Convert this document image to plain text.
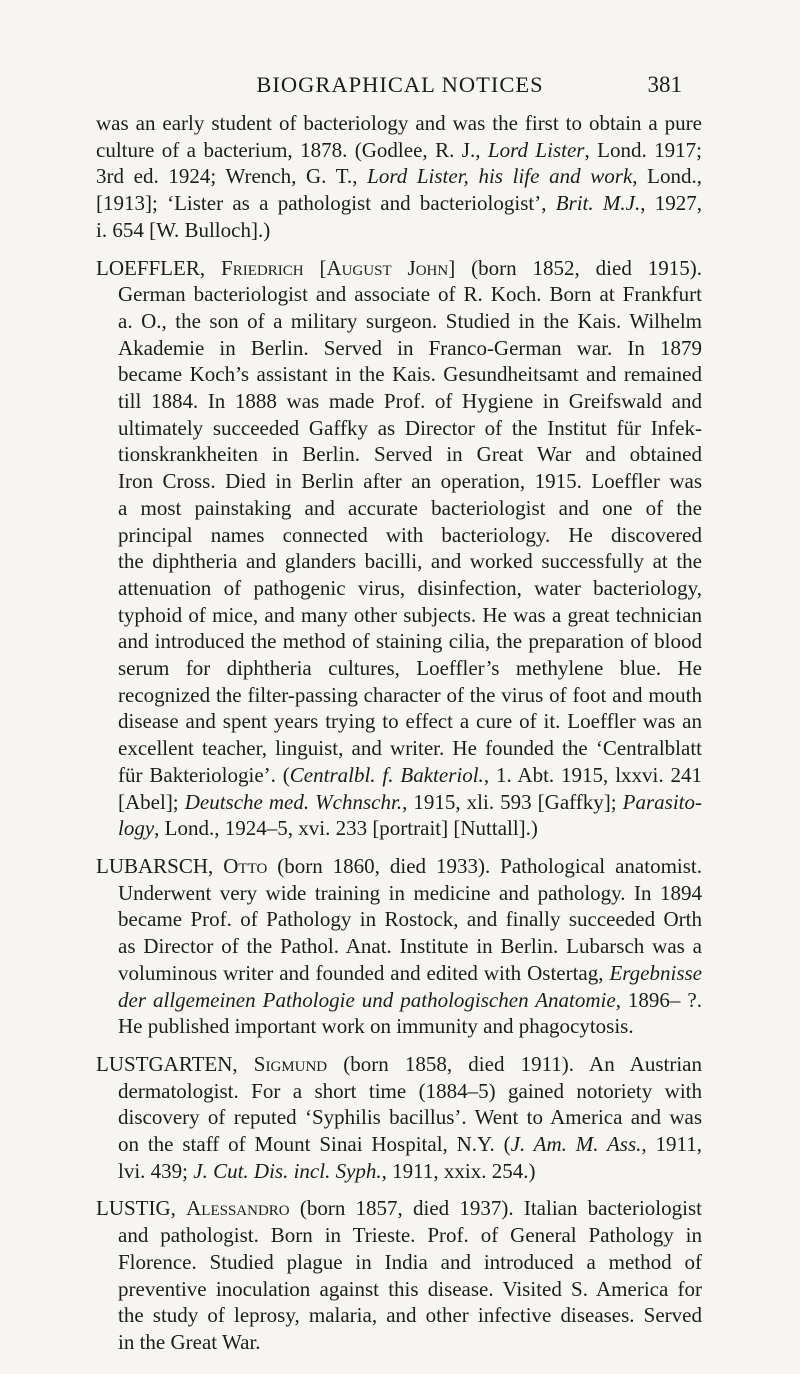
BIOGRAPHICAL NOTICES	381

was an early student of bacteriology and was the first to obtain a pure
culture of a bacterium, 1878. (Godlee, R. J., Lord Lister, Lond. 1917;
3rd ed. 1924; Wrench, G. T., Lord Lister, his life and work, Lond.,
[1913]; ‘Lister as a pathologist and bacteriologist’, Brit. M.J., 1927,
i. 654 [W. Bulloch].)

LOEFFLER, Friedrich [August John] (born 1852, died 1915).
German bacteriologist and associate of R. Koch. Born at Frankfurt
a. O., the son of a military surgeon. Studied in the Kais. Wilhelm
Akademie in Berlin. Served in Franco-German war. In 1879
became Koch’s assistant in the Kais. Gesundheitsamt and remained
till 1884. In 1888 was made Prof. of Hygiene in Greifswald and
ultimately succeeded Gaffky as Director of the Institut für Infek-
tionskrankheiten in Berlin. Served in Great War and obtained
Iron Cross. Died in Berlin after an operation, 1915. Loeffler was
a most painstaking and accurate bacteriologist and one of the
principal names connected with bacteriology. He discovered
the diphtheria and glanders bacilli, and worked successfully at the
attenuation of pathogenic virus, disinfection, water bacteriology,
typhoid of mice, and many other subjects. He was a great technician
and introduced the method of staining cilia, the preparation of blood
serum for diphtheria cultures, Loeffler’s methylene blue. He
recognized the filter-passing character of the virus of foot and mouth
disease and spent years trying to effect a cure of it. Loeffler was an
excellent teacher, linguist, and writer. He founded the ‘Centralblatt
für Bakteriologie’. (Centralbl. f. Bakteriol., 1. Abt. 1915, lxxvi. 241
[Abel]; Deutsche med. Wchnschr., 1915, xli. 593 [Gaffky]; Parasito-
logy, Lond., 1924–5, xvi. 233 [portrait] [Nuttall].)

LUBARSCH, Otto (born 1860, died 1933). Pathological anatomist.
Underwent very wide training in medicine and pathology. In 1894
became Prof. of Pathology in Rostock, and finally succeeded Orth
as Director of the Pathol. Anat. Institute in Berlin. Lubarsch was a
voluminous writer and founded and edited with Ostertag, Ergebnisse
der allgemeinen Pathologie und pathologischen Anatomie, 1896– ?.
He published important work on immunity and phagocytosis.

LUSTGARTEN, Sigmund (born 1858, died 1911). An Austrian
dermatologist. For a short time (1884–5) gained notoriety with
discovery of reputed ‘Syphilis bacillus’. Went to America and was
on the staff of Mount Sinai Hospital, N.Y. (J. Am. M. Ass., 1911,
lvi. 439; J. Cut. Dis. incl. Syph., 1911, xxix. 254.)

LUSTIG, Alessandro (born 1857, died 1937). Italian bacteriologist
and pathologist. Born in Trieste. Prof. of General Pathology in
Florence. Studied plague in India and introduced a method of
preventive inoculation against this disease. Visited S. America for
the study of leprosy, malaria, and other infective diseases. Served
in the Great War.
